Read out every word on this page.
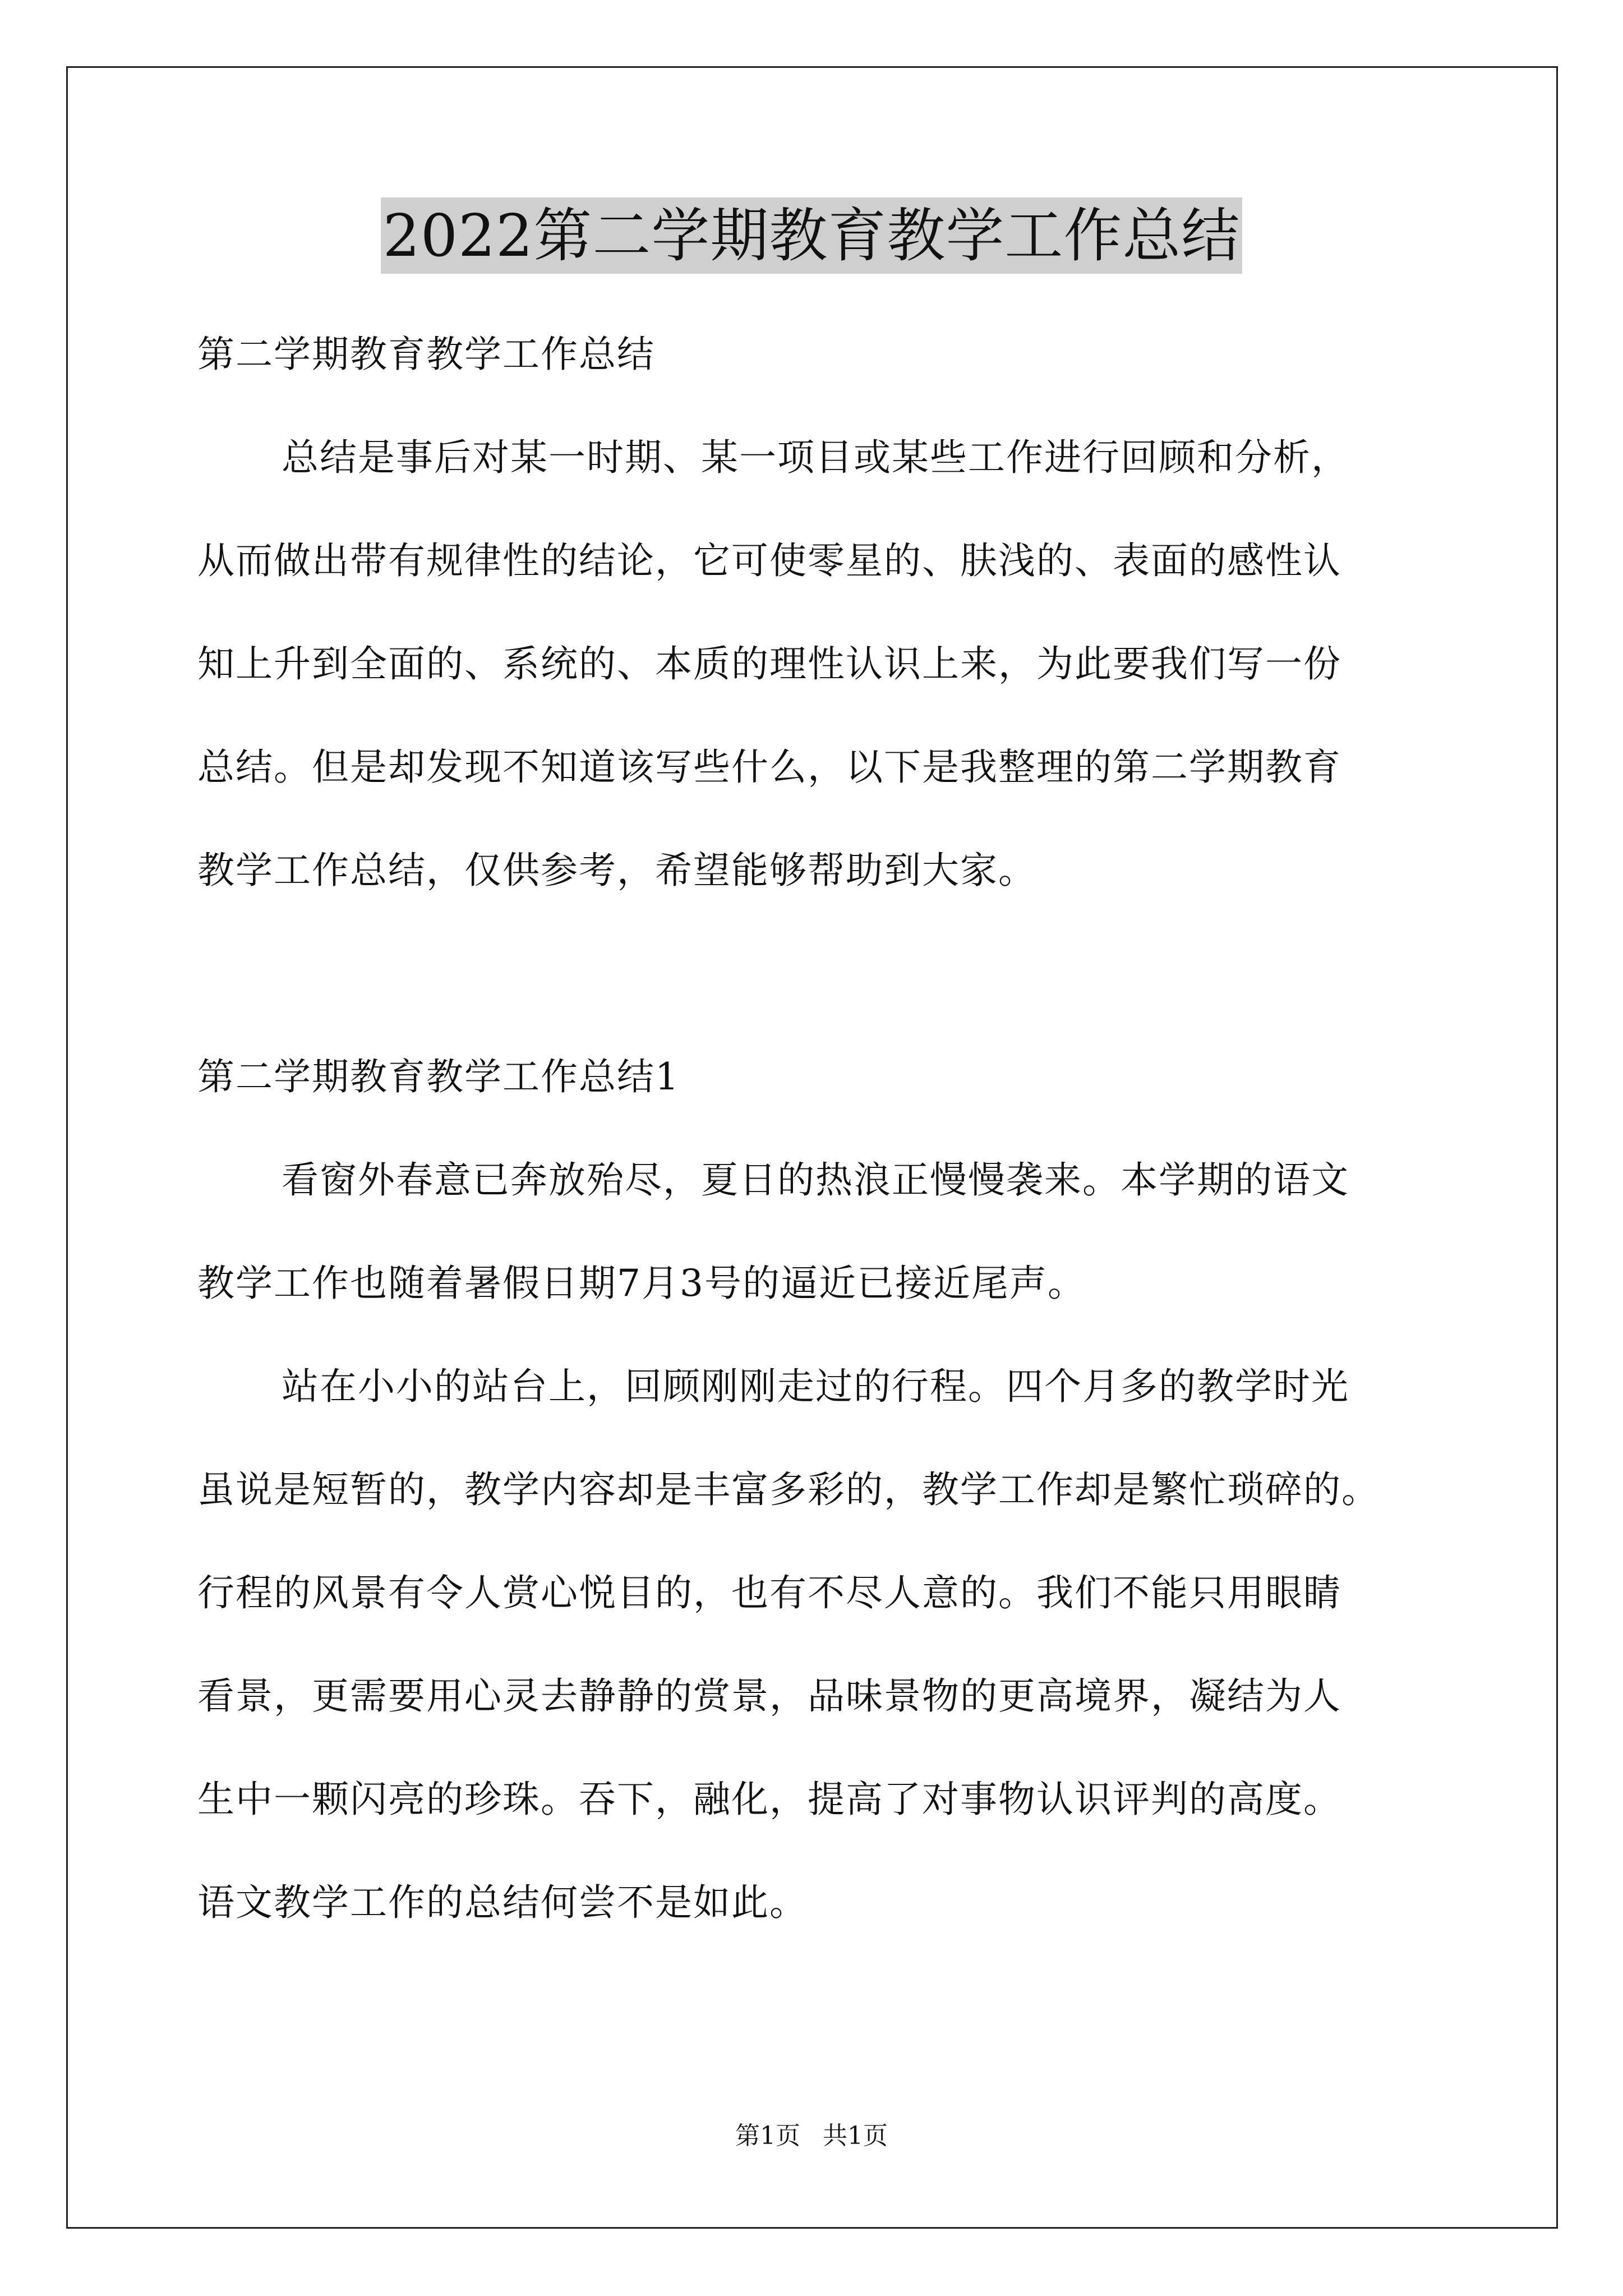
2022第二学期教育教学工作总结
第二学期教育教学工作总结
总结是事后对某一时期、某一项目或某些工作进行回顾和分析，
从而做出带有规律性的结论，它可使零星的、肤浅的、表面的感性认
知上升到全面的、系统的、本质的理性认识上来，为此要我们写一份
总结。但是却发现不知道该写些什么，以下是我整理的第二学期教育
教学工作总结，仅供参考，希望能够帮助到大家。
第二学期教育教学工作总结1
看窗外春意已奔放殆尽，夏日的热浪正慢慢袭来。本学期的语文
教学工作也随着暑假日期7月3号的逼近已接近尾声。
站在小小的站台上，回顾刚刚走过的行程。四个月多的教学时光
虽说是短暂的，教学内容却是丰富多彩的，教学工作却是繁忙琐碎的。
行程的风景有令人赏心悦目的，也有不尽人意的。我们不能只用眼睛
看景，更需要用心灵去静静的赏景，品味景物的更高境界，凝结为人
生中一颗闪亮的珍珠。吞下，融化，提高了对事物认识评判的高度。
语文教学工作的总结何尝不是如此。
第1页 共1页
